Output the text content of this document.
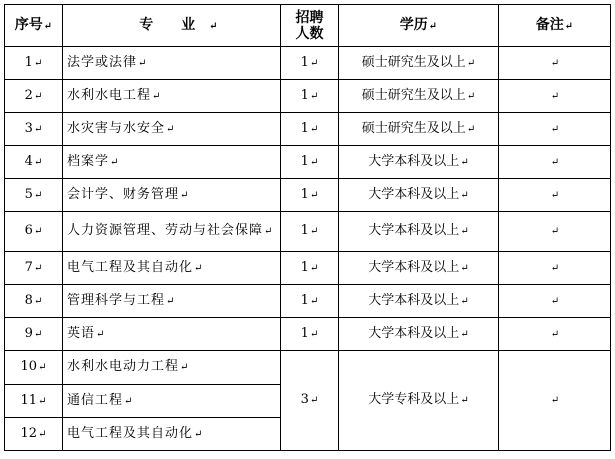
序号↵	专 业 ↵	招聘
人数	学历↵	备注↵
1↵	法学或法律↵	1↵	硕士研究生及以上↵	↵
2↵	水利水电工程↵	1↵	硕士研究生及以上↵	↵
3↵	水灾害与水安全↵	1↵	硕士研究生及以上↵	↵
4↵	档案学↵	1↵	大学本科及以上↵	↵
5↵	会计学、财务管理↵	1↵	大学本科及以上↵	↵
6↵	人力资源管理、劳动与社会保障↵	1↵	大学本科及以上↵	↵
7↵	电气工程及其自动化↵	1↵	大学本科及以上↵	↵
8↵	管理科学与工程↵	1↵	大学本科及以上↵	↵
9↵	英语↵	1↵	大学本科及以上↵	↵
10↵	水利水电动力工程↵	3↵	大学专科及以上↵	↵
11↵	通信工程↵			
12↵	电气工程及其自动化↵			
